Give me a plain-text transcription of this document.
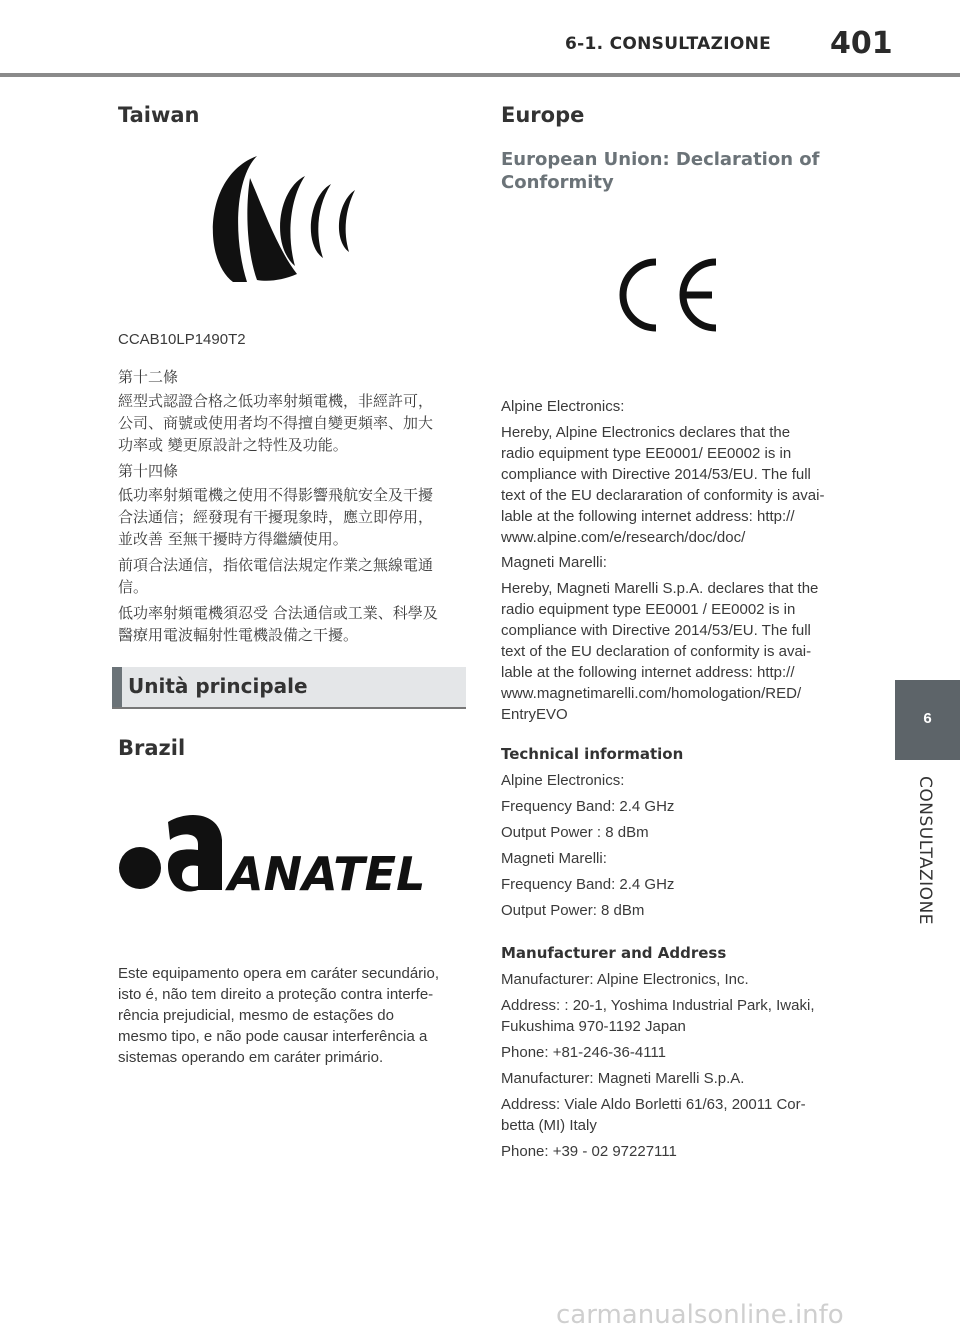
6-1. CONSULTAZIONE 401
Taiwan
CCAB10LP1490T2
第十二條
經型式認證合格之低功率射頻電機，非經許可，
公司、商號或使用者均不得擅自變更頻率、加大
功率或 變更原設計之特性及功能。
第十四條
低功率射頻電機之使用不得影響飛航安全及干擾
合法通信；經發現有干擾現象時，應立即停用，
並改善 至無干擾時方得繼續使用。
前項合法通信，指依電信法規定作業之無線電通
信。
低功率射頻電機須忍受 合法通信或工業、科學及
醫療用電波輻射性電機設備之干擾。
Unità principale
Brazil
ANATEL
Este equipamento opera em caráter secundário,
isto é, não tem direito a proteção contra interfe-
rência prejudicial, mesmo de estações do
mesmo tipo, e não pode causar interferência a
sistemas operando em caráter primário.
Europe
European Union: Declaration of
Conformity
Alpine Electronics:
Hereby, Alpine Electronics declares that the
radio equipment type EE0001/ EE0002 is in
compliance with Directive 2014/53/EU. The full
text of the EU declararation of conformity is avai-
lable at the following internet address: http://
www.alpine.com/e/research/doc/doc/
Magneti Marelli:
Hereby, Magneti Marelli S.p.A. declares that the
radio equipment type EE0001 / EE0002 is in
compliance with Directive 2014/53/EU. The full
text of the EU declaration of conformity is avai-
lable at the following internet address: http://
www.magnetimarelli.com/homologation/RED/
EntryEVO
Technical information
Alpine Electronics:
Frequency Band: 2.4 GHz
Output Power : 8 dBm
Magneti Marelli:
Frequency Band: 2.4 GHz
Output Power: 8 dBm
Manufacturer and Address
Manufacturer: Alpine Electronics, Inc.
Address: : 20-1, Yoshima Industrial Park, Iwaki,
Fukushima 970-1192 Japan
Phone: +81-246-36-4111
Manufacturer: Magneti Marelli S.p.A.
Address: Viale Aldo Borletti 61/63, 20011 Cor-
betta (MI) Italy
Phone: +39 - 02 97227111
6
CONSULTAZIONE
carmanualsonline.info
